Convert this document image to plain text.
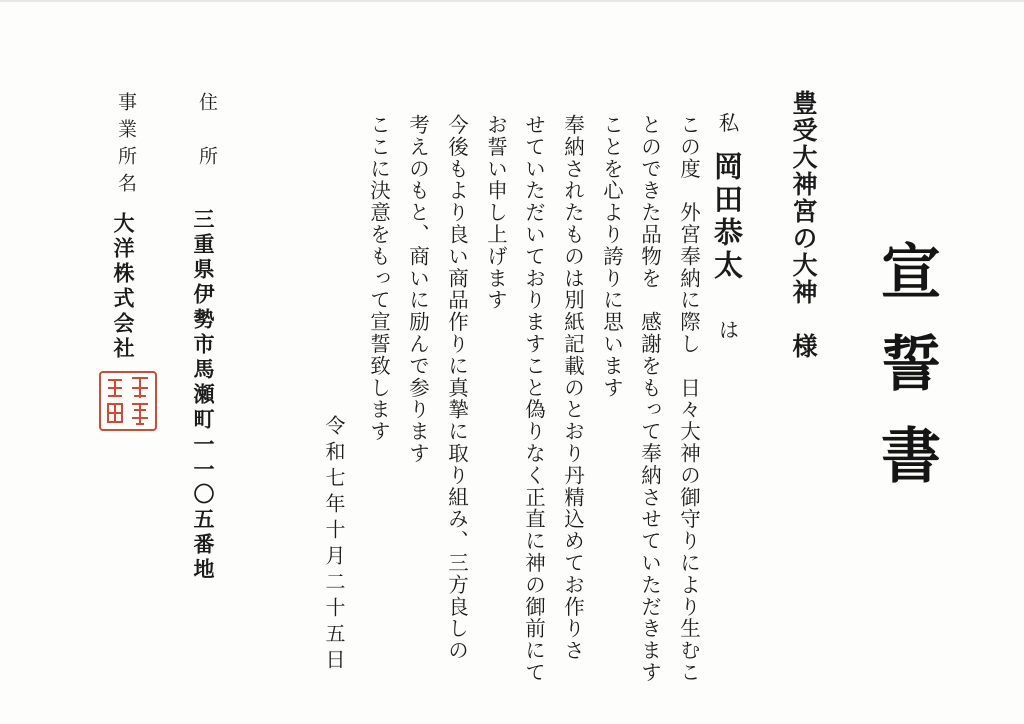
宣誓書
豊受大神宮の大神　様
私岡田恭太は
この度　外宮奉納に際し　日々大神の御守りにより生むこ
とのできた品物を　感謝をもって奉納させていただきます
ことを心より誇りに思います
奉納されたものは別紙記載のとおり丹精込めてお作りさ
せていただいておりますこと偽りなく正直に神の御前にて
お誓い申し上げます
今後もより良い商品作りに真摯に取り組み、三方良しの
考えのもと、商いに励んで参ります
ここに決意をもって宣誓致します
令和七年十月二十五日
住　所
三重県伊勢市馬瀬町一一〇五番地
事業所名
大洋株式会社
